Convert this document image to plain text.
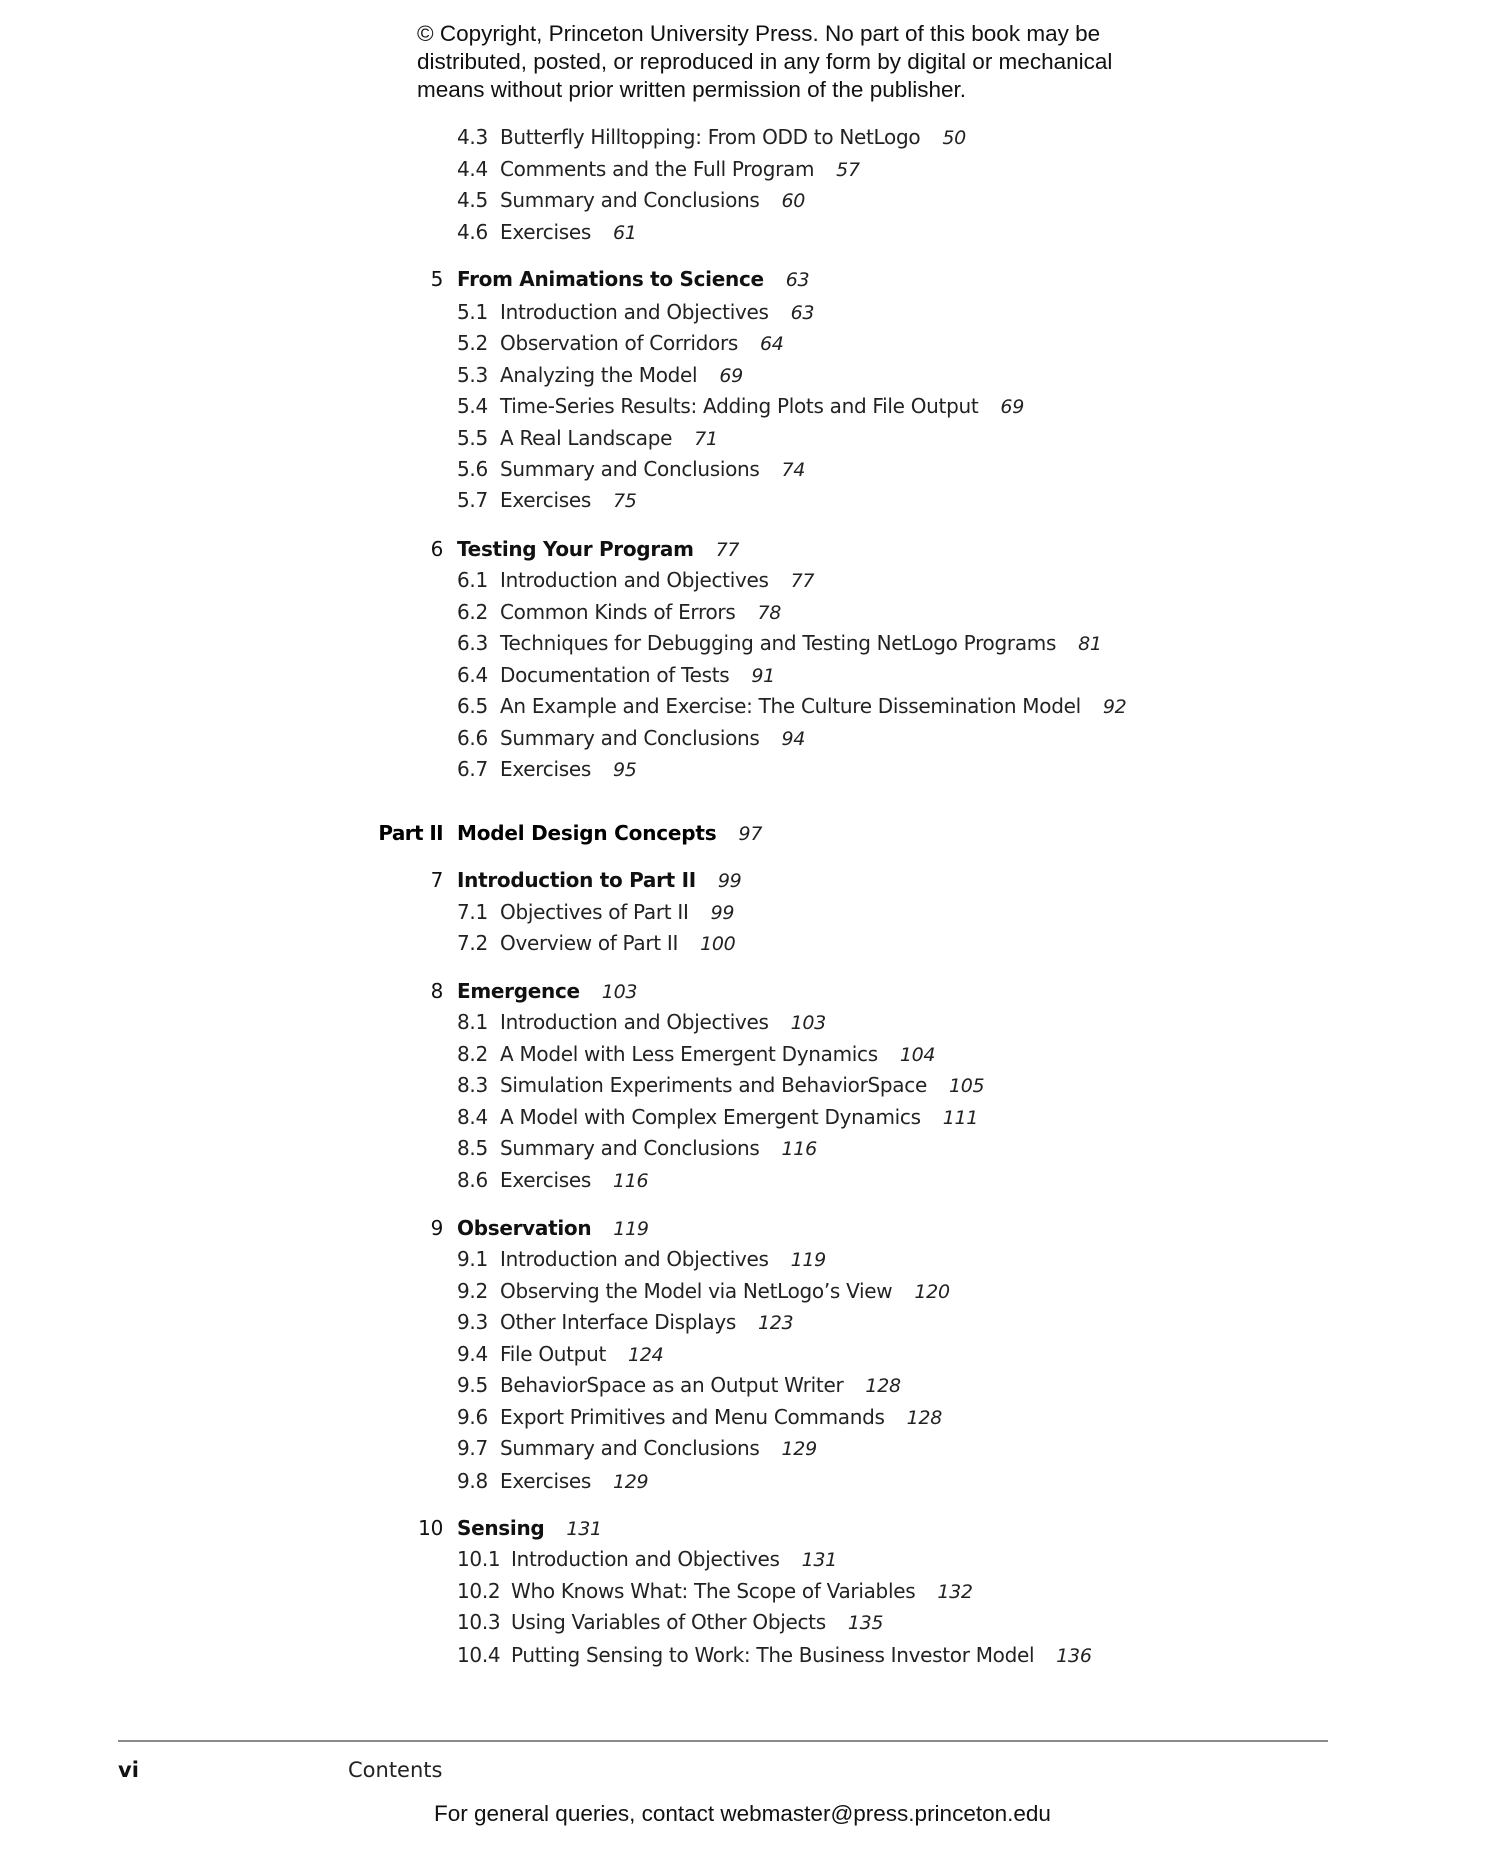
© Copyright, Princeton University Press. No part of this book may be
distributed, posted, or reproduced in any form by digital or mechanical
means without prior written permission of the publisher.
4.3 Butterfly Hilltopping: From ODD to NetLogo 50
4.4 Comments and the Full Program 57
4.5 Summary and Conclusions 60
4.6 Exercises 61
5 From Animations to Science 63
5.1 Introduction and Objectives 63
5.2 Observation of Corridors 64
5.3 Analyzing the Model 69
5.4 Time-Series Results: Adding Plots and File Output 69
5.5 A Real Landscape 71
5.6 Summary and Conclusions 74
5.7 Exercises 75
6 Testing Your Program 77
6.1 Introduction and Objectives 77
6.2 Common Kinds of Errors 78
6.3 Techniques for Debugging and Testing NetLogo Programs 81
6.4 Documentation of Tests 91
6.5 An Example and Exercise: The Culture Dissemination Model 92
6.6 Summary and Conclusions 94
6.7 Exercises 95
Part II Model Design Concepts 97
7 Introduction to Part II 99
7.1 Objectives of Part II 99
7.2 Overview of Part II 100
8 Emergence 103
8.1 Introduction and Objectives 103
8.2 A Model with Less Emergent Dynamics 104
8.3 Simulation Experiments and BehaviorSpace 105
8.4 A Model with Complex Emergent Dynamics 111
8.5 Summary and Conclusions 116
8.6 Exercises 116
9 Observation 119
9.1 Introduction and Objectives 119
9.2 Observing the Model via NetLogo’s View 120
9.3 Other Interface Displays 123
9.4 File Output 124
9.5 BehaviorSpace as an Output Writer 128
9.6 Export Primitives and Menu Commands 128
9.7 Summary and Conclusions 129
9.8 Exercises 129
10 Sensing 131
10.1 Introduction and Objectives 131
10.2 Who Knows What: The Scope of Variables 132
10.3 Using Variables of Other Objects 135
10.4 Putting Sensing to Work: The Business Investor Model 136
vi	Contents
For general queries, contact webmaster@press.princeton.edu
